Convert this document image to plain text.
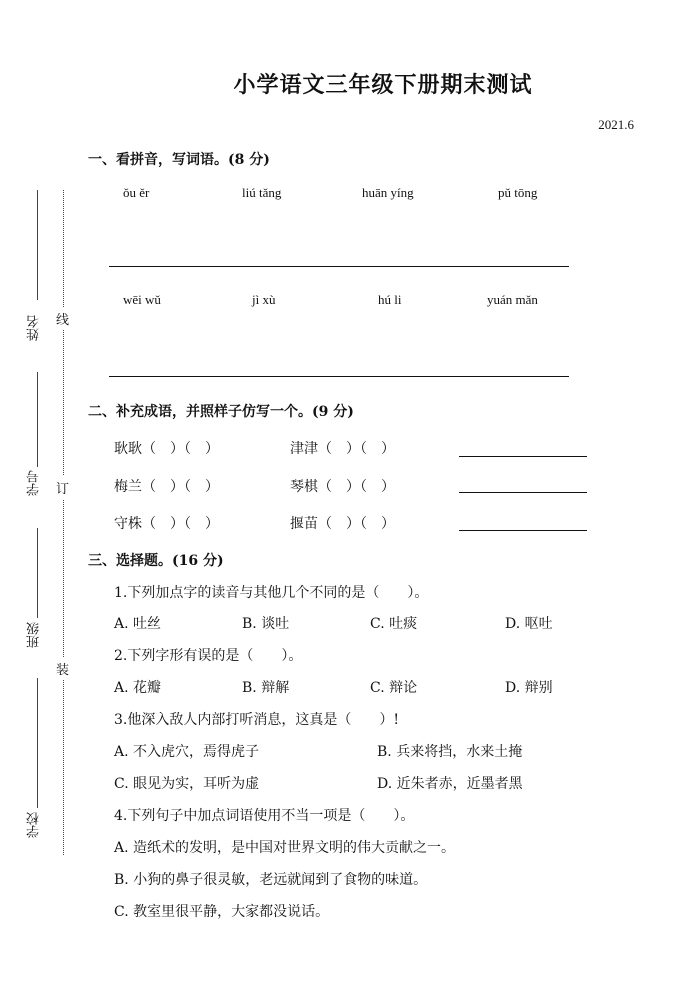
小学语文三年级下册期末测试
2021.6
姓名
学号
班级
学校
线
订
装
一、看拼音，写词语。(8 分)
ǒu ěr	liú tǎng	huān yíng	pǔ tōng
wēi wǔ	jì xù	hú li	yuán mǎn
二、补充成语，并照样子仿写一个。(9 分)
耿耿（　）（　）	津津（　）（　）
梅兰（　）（　）	琴棋（　）（　）
守株（　）（　）	揠苗（　）（　）
三、选择题。(16 分)
1.下列加点字的读音与其他几个不同的是（　　）。
A. 吐丝	B. 谈吐	C. 吐痰	D. 呕吐
2.下列字形有误的是（　　）。
A. 花瓣	B. 辩解	C. 辩论	D. 辩别
3.他深入敌人内部打听消息，这真是（　　）!
A. 不入虎穴，焉得虎子	B. 兵来将挡，水来土掩
C. 眼见为实，耳听为虚	D. 近朱者赤，近墨者黑
4.下列句子中加点词语使用不当一项是（　　）。
A. 造纸术的发明，是中国对世界文明的伟大贡献之一。
B. 小狗的鼻子很灵敏，老远就闻到了食物的味道。
C. 教室里很平静，大家都没说话。
